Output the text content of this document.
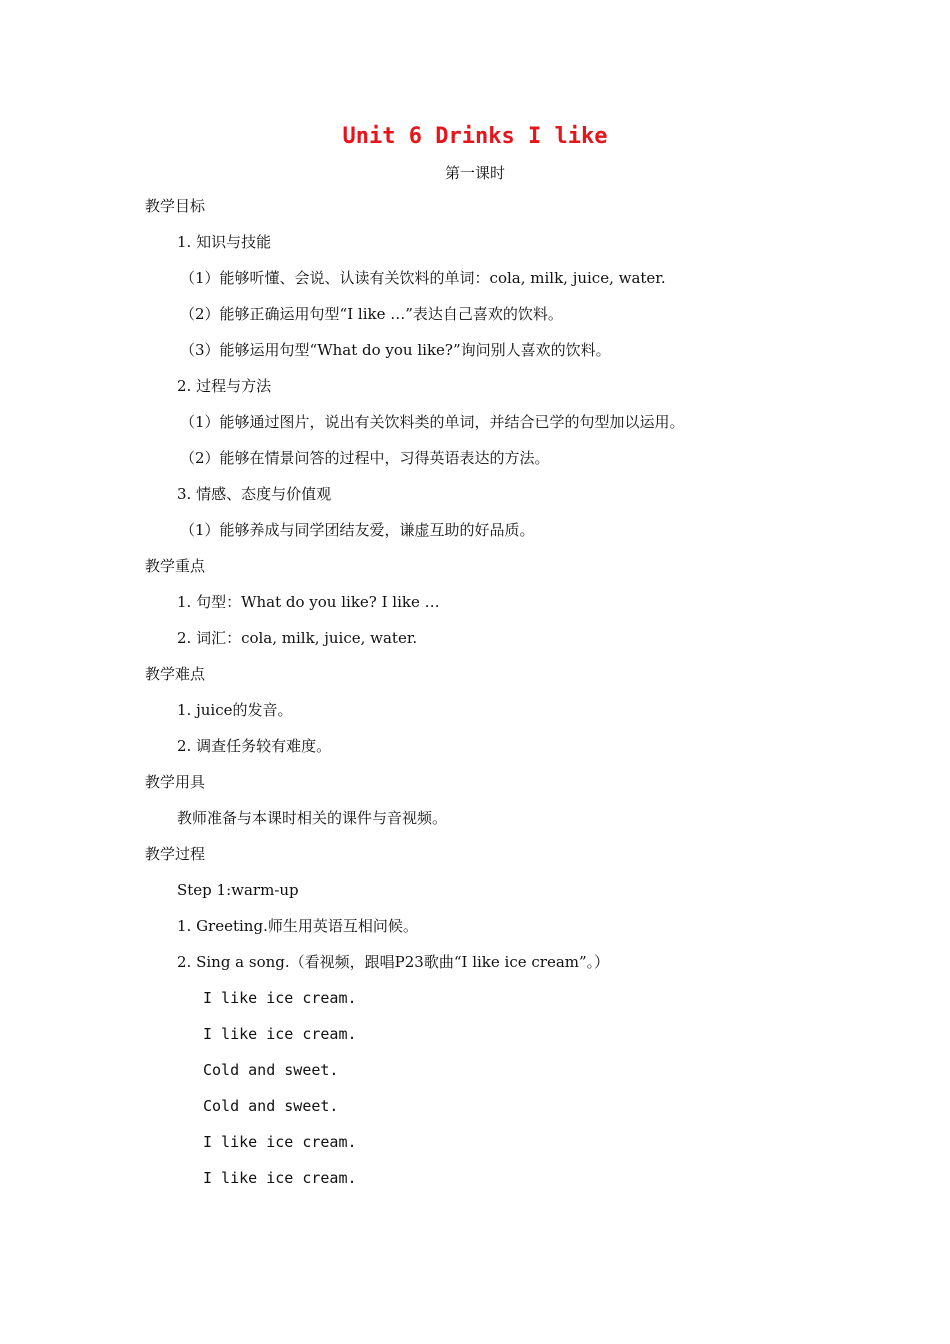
Unit 6 Drinks I like
第一课时
教学目标
1. 知识与技能
（1）能够听懂、会说、认读有关饮料的单词：cola, milk, juice, water.
（2）能够正确运用句型“I like …”表达自己喜欢的饮料。
（3）能够运用句型“What do you like?”询问别人喜欢的饮料。
2. 过程与方法
（1）能够通过图片，说出有关饮料类的单词，并结合已学的句型加以运用。
（2）能够在情景问答的过程中，习得英语表达的方法。
3. 情感、态度与价值观
（1）能够养成与同学团结友爱，谦虚互助的好品质。
教学重点
1. 句型：What do you like? I like …
2. 词汇：cola, milk, juice, water.
教学难点
1. juice的发音。
2. 调查任务较有难度。
教学用具
教师准备与本课时相关的课件与音视频。
教学过程
Step 1:warm-up
1. Greeting.师生用英语互相问候。
2. Sing a song.（看视频，跟唱P23歌曲“I like ice cream”。）
I like ice cream.
I like ice cream.
Cold and sweet.
Cold and sweet.
I like ice cream.
I like ice cream.
